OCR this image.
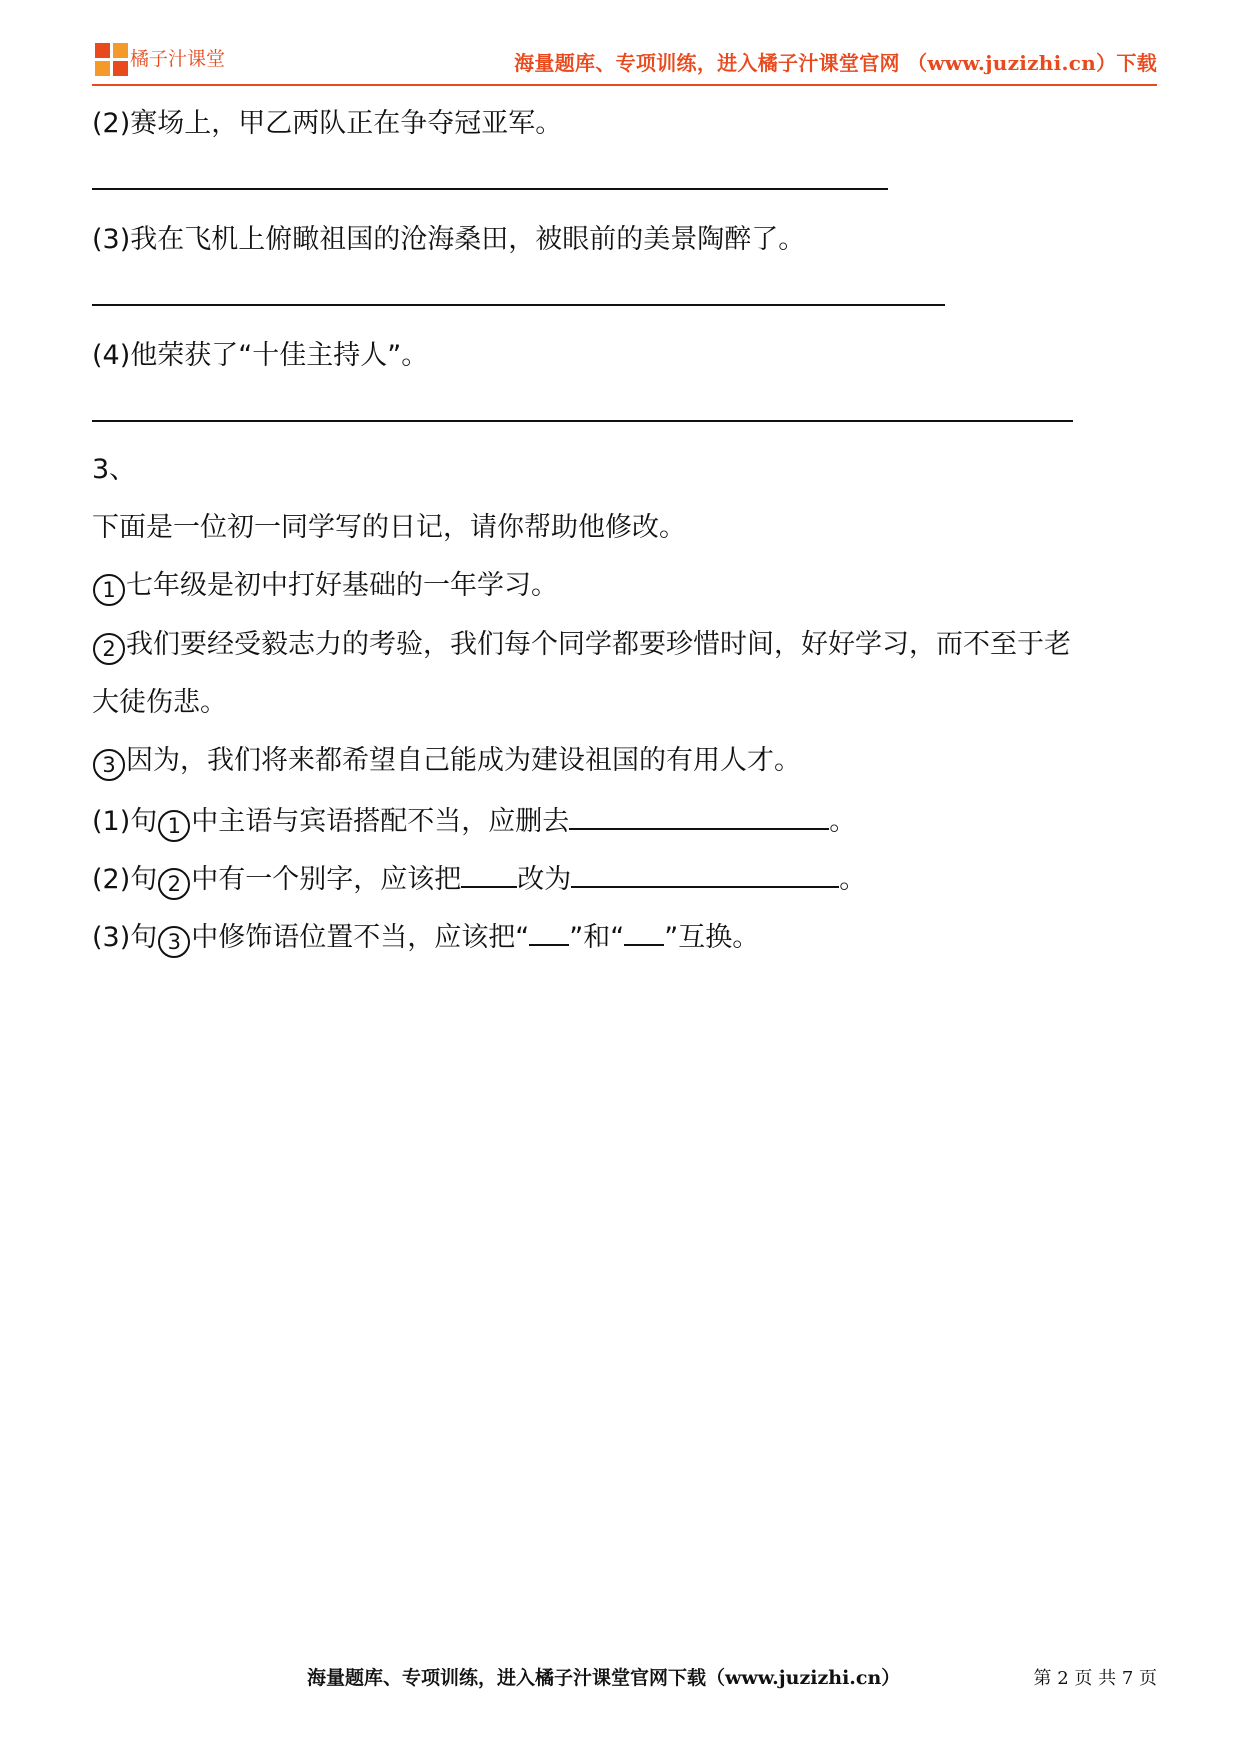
橘子汁课堂	海量题库、专项训练，进入橘子汁课堂官网 （www.juzizhi.cn）下载
(2)赛场上，甲乙两队正在争夺冠亚军。
(3)我在飞机上俯瞰祖国的沧海桑田，被眼前的美景陶醉了。
(4)他荣获了“十佳主持人”。
3、
下面是一位初一同学写的日记，请你帮助他修改。
1 七年级是初中打好基础的一年学习。
2 我们要经受毅志力的考验，我们每个同学都要珍惜时间，好好学习，而不至于老
大徒伤悲。
3 因为，我们将来都希望自己能成为建设祖国的有用人才。
(1)句 1 中主语与宾语搭配不当，应删去	。
(2)句 2 中有一个别字，应该把 改为	。
(3)句 3 中修饰语位置不当，应该把“ ”和“ ”互换。
海量题库、专项训练，进入橘子汁课堂官网下载（www.juzizhi.cn）	第 2 页 共 7 页
